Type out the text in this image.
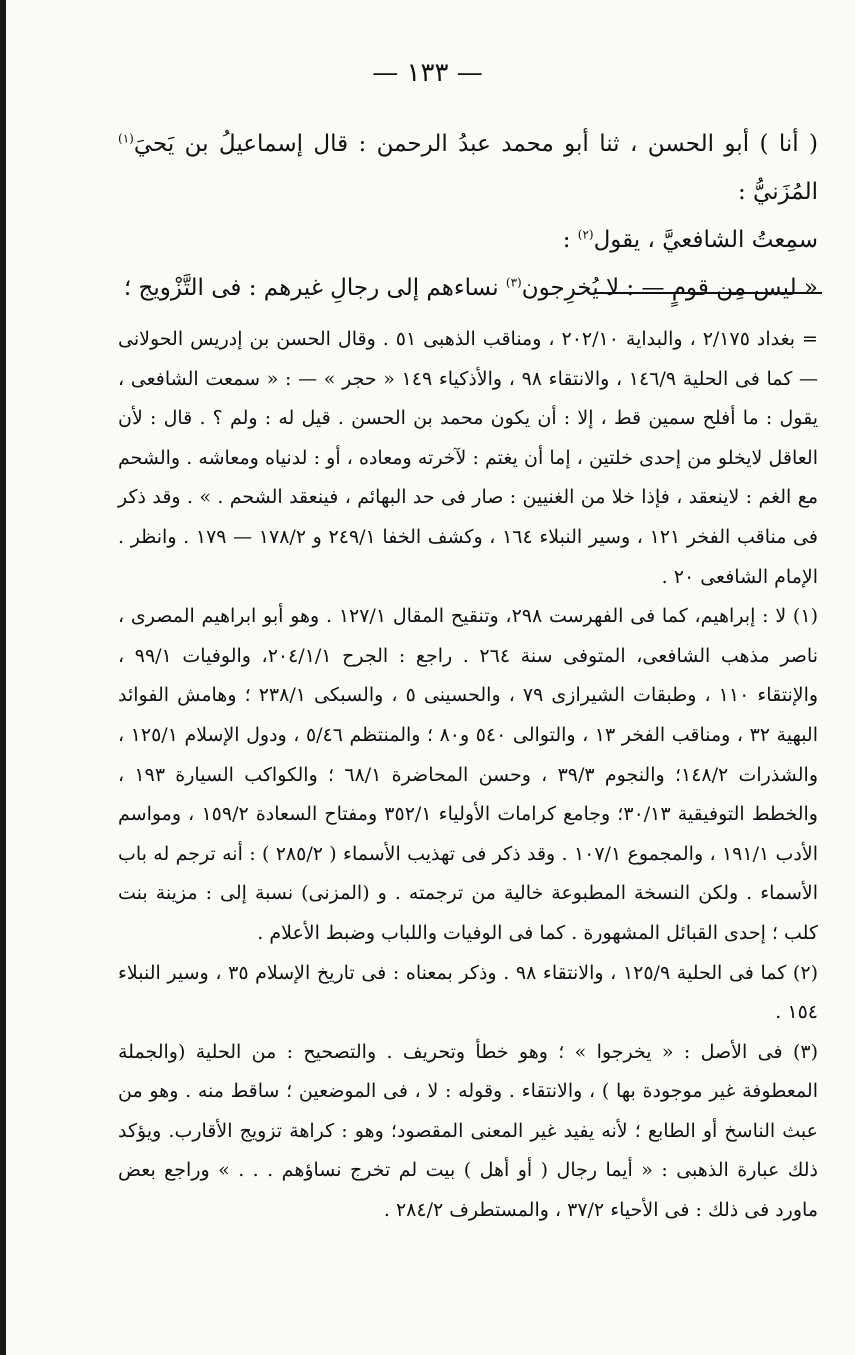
— ١٣٣ —

( أنا ) أبو الحسن ، ثنا أبو محمد عبدُ الرحمن : قال إسماعيلُ بن يَحيَ$^{(١)}$ المُزَنيُّ :

سمِعتُ الشافعيَّ ، يقول$^{(٢)}$ :

« ليس مِن قومٍ — : لا يُخرِجون$^{(٣)}$ نساءهم إلى رجالِ غيرهم : فى التَّزْويج ؛

= بغداد ٢/١٧٥ ، والبداية ٢٠٢/١٠ ، ومناقب الذهبى ٥١ . وقال الحسن بن إدريس الحولانى — كما فى الحلية ١٤٦/٩ ، والانتقاء ٩٨ ، والأذكياء ١٤٩ « حجر » — : « سمعت الشافعى ، يقول : ما أفلح سمين قط ، إلا : أن يكون محمد بن الحسن . قيل له : ولم ؟ . قال : لأن العاقل لايخلو من إحدى خلتين ، إما أن يغتم : لآخرته ومعاده ، أو : لدنياه ومعاشه . والشحم مع الغم : لاينعقد ، فإذا خلا من الغنيين : صار فى حد البهائم ، فينعقد الشحم . » . وقد ذكر فى مناقب الفخر ١٢١ ، وسير النبلاء ١٦٤ ، وكشف الخفا ٢٤٩/١ و ١٧٨/٢ — ١٧٩ . وانظر . الإمام الشافعى ٢٠ .

(١) لا : إبراهيم، كما فى الفهرست ٢٩٨، وتنقيح المقال ١٢٧/١ . وهو أبو ابراهيم المصرى ، ناصر مذهب الشافعى، المتوفى سنة ٢٦٤ . راجع : الجرح ٢٠٤/١/١، والوفيات ٩٩/١ ، والإنتقاء ١١٠ ، وطبقات الشيرازى ٧٩ ، والحسينى ٥ ، والسبكى ٢٣٨/١ ؛ وهامش الفوائد البهية ٣٢ ، ومناقب الفخر ١٣ ، والتوالى ٥٤٠ و٨٠ ؛ والمنتظم ٥/٤٦ ، ودول الإسلام ١٢٥/١ ، والشذرات ١٤٨/٢؛ والنجوم ٣٩/٣ ، وحسن المحاضرة ٦٨/١ ؛ والكواكب السيارة ١٩٣ ، والخطط التوفيقية ٣٠/١٣؛ وجامع كرامات الأولياء ٣٥٢/١ ومفتاح السعادة ١٥٩/٢ ، ومواسم الأدب ١٩١/١ ، والمجموع ١٠٧/١ . وقد ذكر فى تهذيب الأسماء ( ٢٨٥/٢ ) : أنه ترجم له باب الأسماء . ولكن النسخة المطبوعة خالية من ترجمته . و (المزنى) نسبة إلى : مزينة بنت كلب ؛ إحدى القبائل المشهورة . كما فى الوفيات واللباب وضبط الأعلام .

(٢) كما فى الحلية ١٢٥/٩ ، والانتقاء ٩٨ . وذكر بمعناه : فى تاريخ الإسلام ٣٥ ، وسير النبلاء ١٥٤ .

(٣) فى الأصل : « يخرجوا » ؛ وهو خطأ وتحريف . والتصحيح : من الحلية (والجملة المعطوفة غير موجودة بها ) ، والانتقاء . وقوله : لا ، فى الموضعين ؛ ساقط منه . وهو من عبث الناسخ أو الطابع ؛ لأنه يفيد غير المعنى المقصود؛ وهو : كراهة تزويج الأقارب. ويؤكد ذلك عبارة الذهبى : « أيما رجال ( أو أهل ) بيت لم تخرج نساؤهم . . . » وراجع بعض ماورد فى ذلك : فى الأحياء ٣٧/٢ ، والمستطرف ٢٨٤/٢ .
